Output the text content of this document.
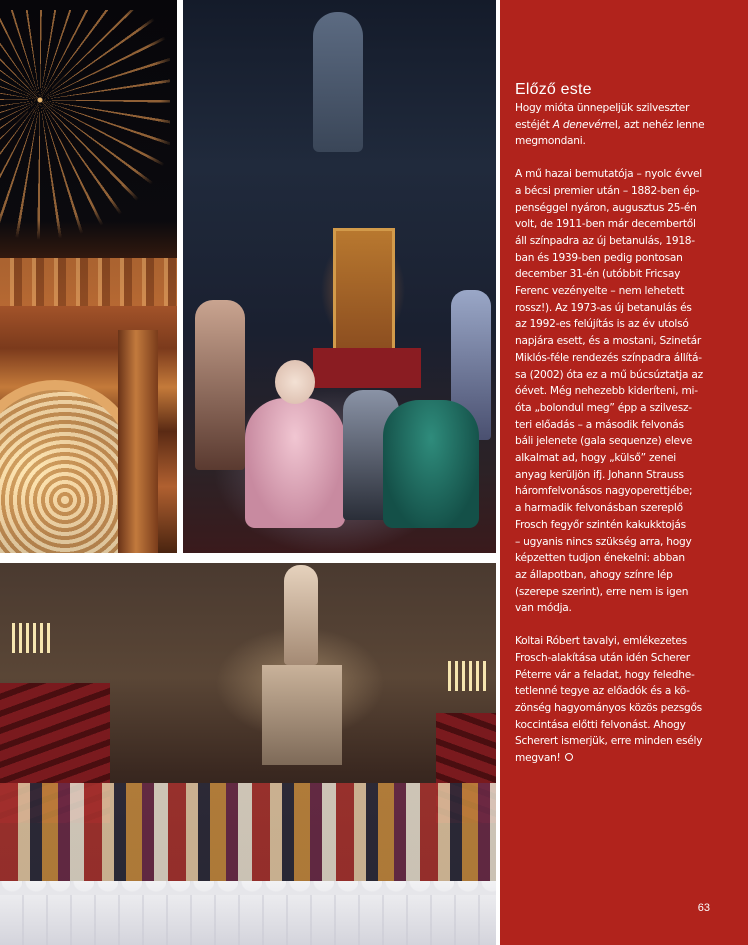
Előző este

Hogy mióta ünnepeljük szilveszter
estéjét A denevérrel, azt nehéz lenne
megmondani.

A mű hazai bemutatója – nyolc évvel
a bécsi premier után – 1882-ben ép-
penséggel nyáron, augusztus 25-én
volt, de 1911-ben már decembertől
áll színpadra az új betanulás, 1918-
ban és 1939-ben pedig pontosan
december 31-én (utóbbit Fricsay
Ferenc vezényelte – nem lehetett
rossz!). Az 1973-as új betanulás és
az 1992-es felújítás is az év utolsó
napjára esett, és a mostani, Szinetár
Miklós-féle rendezés színpadra állítá-
sa (2002) óta ez a mű búcsúztatja az
óévet. Még nehezebb kideríteni, mi-
óta „bolondul meg” épp a szilvesz-
teri előadás – a második felvonás
báli jelenete (gala sequenze) eleve
alkalmat ad, hogy „külső” zenei
anyag kerüljön ifj. Johann Strauss
háromfelvonásos nagyoperettjébe;
a harmadik felvonásban szereplő
Frosch fegyőr szintén kakukktojás
– ugyanis nincs szükség arra, hogy
képzetten tudjon énekelni: abban
az állapotban, ahogy színre lép
(szerepe szerint), erre nem is igen
van módja.

Koltai Róbert tavalyi, emlékezetes
Frosch-alakítása után idén Scherer
Péterre vár a feladat, hogy feledhe-
tetlenné tegye az előadók és a kö-
zönség hagyományos közös pezsgős
koccintása előtti felvonást. Ahogy
Scherert ismerjük, erre minden esély
megvan!

63
